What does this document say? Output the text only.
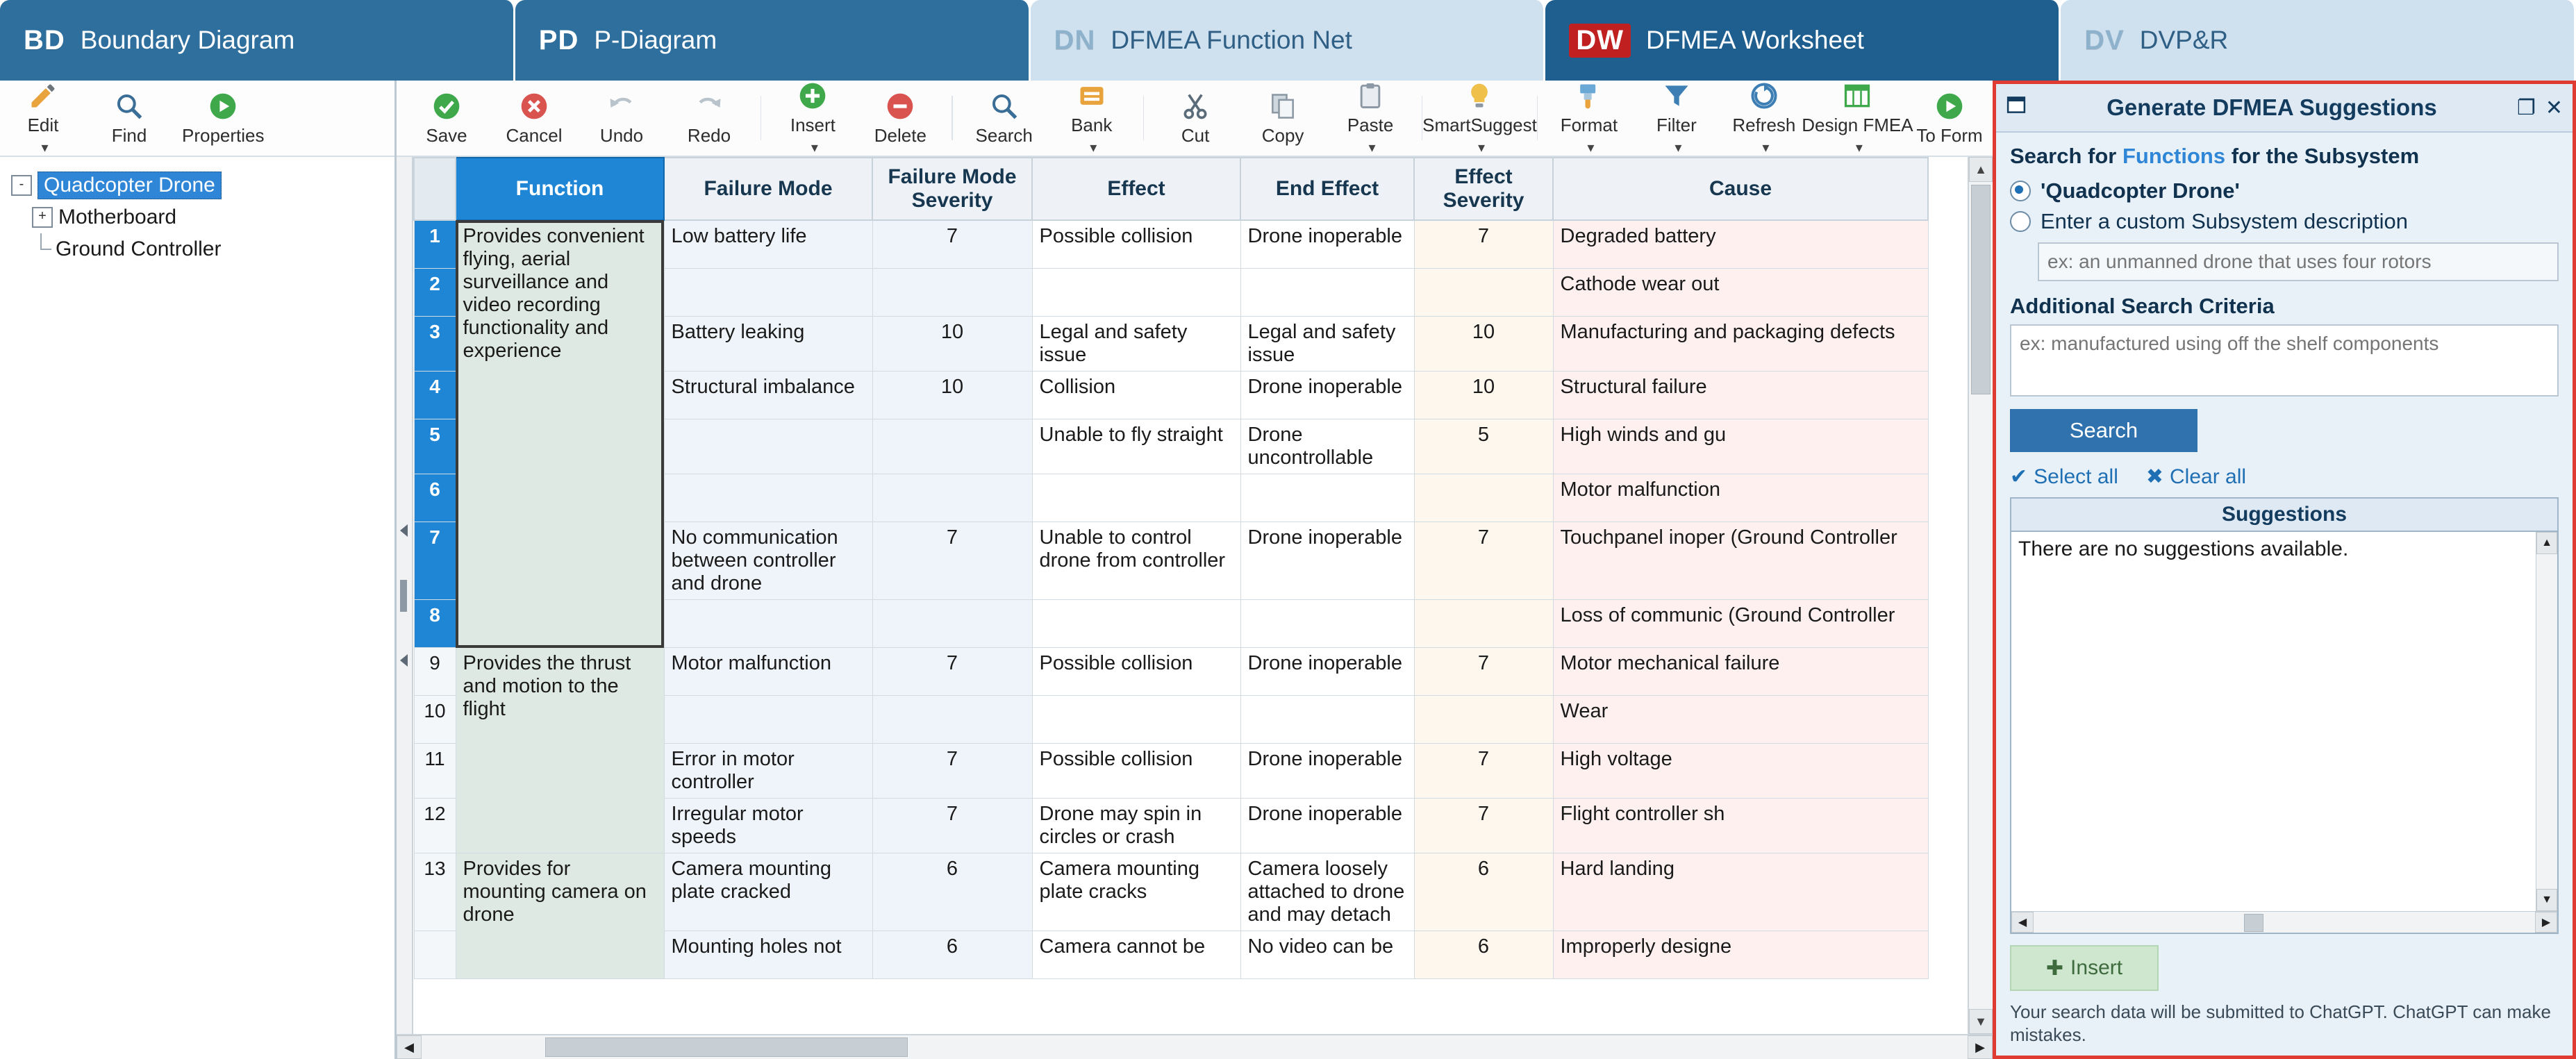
BD Boundary Diagram	PD P-Diagram	DN DFMEA Function Net	DW DFMEA Worksheet	DV DVP&R
Edit
▾
Find Properties
- Quadcopter Drone
+ Motherboard
Ground Controller
Save Cancel Undo Redo	Insert
▾
Delete	Search Bank
▾
Cut	Copy Paste
▾
SmartSuggest
▾
Format
▾
Filter
▾
Refresh
▾
Design FMEA
▾
To Form
	Function	Failure Mode	Failure Mode Severity	Effect	End Effect	Effect Severity	Cause
1	Provides convenient flying, aerial surveillance and video recording functionality and experience	Low battery life	7	Possible collision	Drone inoperable	7	Degraded battery
2							Cathode wear out
3		Battery leaking	10	Legal and safety issue	Legal and safety issue	10	Manufacturing and packaging defects
4		Structural imbalance	10	Collision	Drone inoperable	10	Structural failure
5				Unable to fly straight	Drone uncontrollable	5	High winds and gu
6							Motor malfunction
7		No communication between controller and drone	7	Unable to control drone from controller	Drone inoperable	7	Touchpanel inoper (Ground Controller
8							Loss of communic (Ground Controller
9	Provides the thrust and motion to the flight	Motor malfunction	7	Possible collision	Drone inoperable	7	Motor mechanical failure
10							Wear
11		Error in motor controller	7	Possible collision	Drone inoperable	7	High voltage
12		Irregular motor speeds	7	Drone may spin in circles or crash	Drone inoperable	7	Flight controller sh
13	Provides for mounting camera on drone	Camera mounting plate cracked	6	Camera mounting plate cracks	Camera loosely attached to drone and may detach	6	Hard landing
		Mounting holes not	6	Camera cannot be	No video can be	6	Improperly designe
▲
▼
◀	▶
Generate DFMEA Suggestions	❐ ✕
Search for Functions for the Subsystem
'Quadcopter Drone'
Enter a custom Subsystem description
ex: an unmanned drone that uses four rotors
Additional Search Criteria
ex: manufactured using off the shelf components
Search
✔ Select all ✖ Clear all
Suggestions
There are no suggestions available.	▲
▼
◀	▶
✚ Insert
Your search data will be submitted to ChatGPT. ChatGPT can make mistakes.
